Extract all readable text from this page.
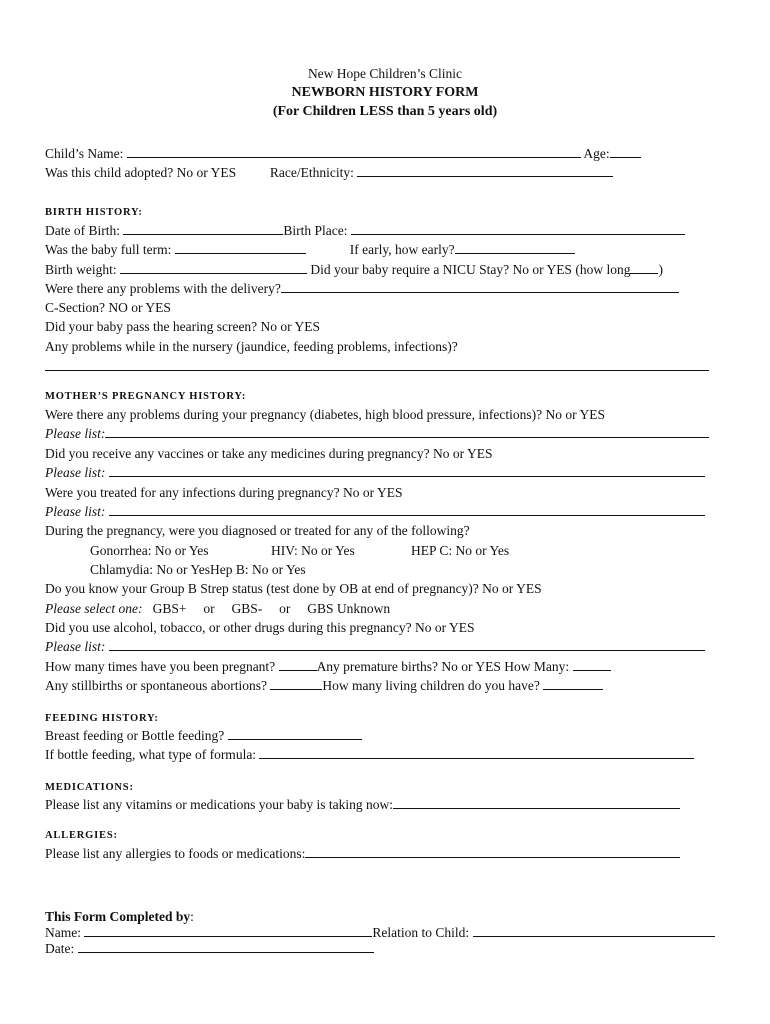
New Hope Children’s Clinic
NEWBORN HISTORY FORM
(For Children LESS than 5 years old)
Child’s Name:	Age:
Was this child adopted? No or YES	Race/Ethnicity:
BIRTH HISTORY:
Date of Birth:	Birth Place:
Was the baby full term:	If early, how early?
Birth weight:	Did your baby require a NICU Stay? No or YES (how long )
Were there any problems with the delivery?
C-Section? NO or YES
Did your baby pass the hearing screen? No or YES
Any problems while in the nursery (jaundice, feeding problems, infections)?
MOTHER’S PREGNANCY HISTORY:
Were there any problems during your pregnancy (diabetes, high blood pressure, infections)? No or YES
Please list:
Did you receive any vaccines or take any medicines during pregnancy? No or YES
Please list:
Were you treated for any infections during pregnancy? No or YES
Please list:
During the pregnancy, were you diagnosed or treated for any of the following?
Gonorrhea: No or Yes	HIV: No or Yes	HEP C: No or Yes
Chlamydia: No or YesHep B: No or Yes
Do you know your Group B Strep status (test done by OB at end of pregnancy)? No or YES
Please select one: GBS+     or     GBS-     or     GBS Unknown
Did you use alcohol, tobacco, or other drugs during this pregnancy? No or YES
Please list:
How many times have you been pregnant?	Any premature births? No or YES How Many:
Any stillbirths or spontaneous abortions?	How many living children do you have?
FEEDING HISTORY:
Breast feeding or Bottle feeding?
If bottle feeding, what type of formula:
MEDICATIONS:
Please list any vitamins or medications your baby is taking now:
ALLERGIES:
Please list any allergies to foods or medications:
This Form Completed by:
Name:	Relation to Child:
Date:
